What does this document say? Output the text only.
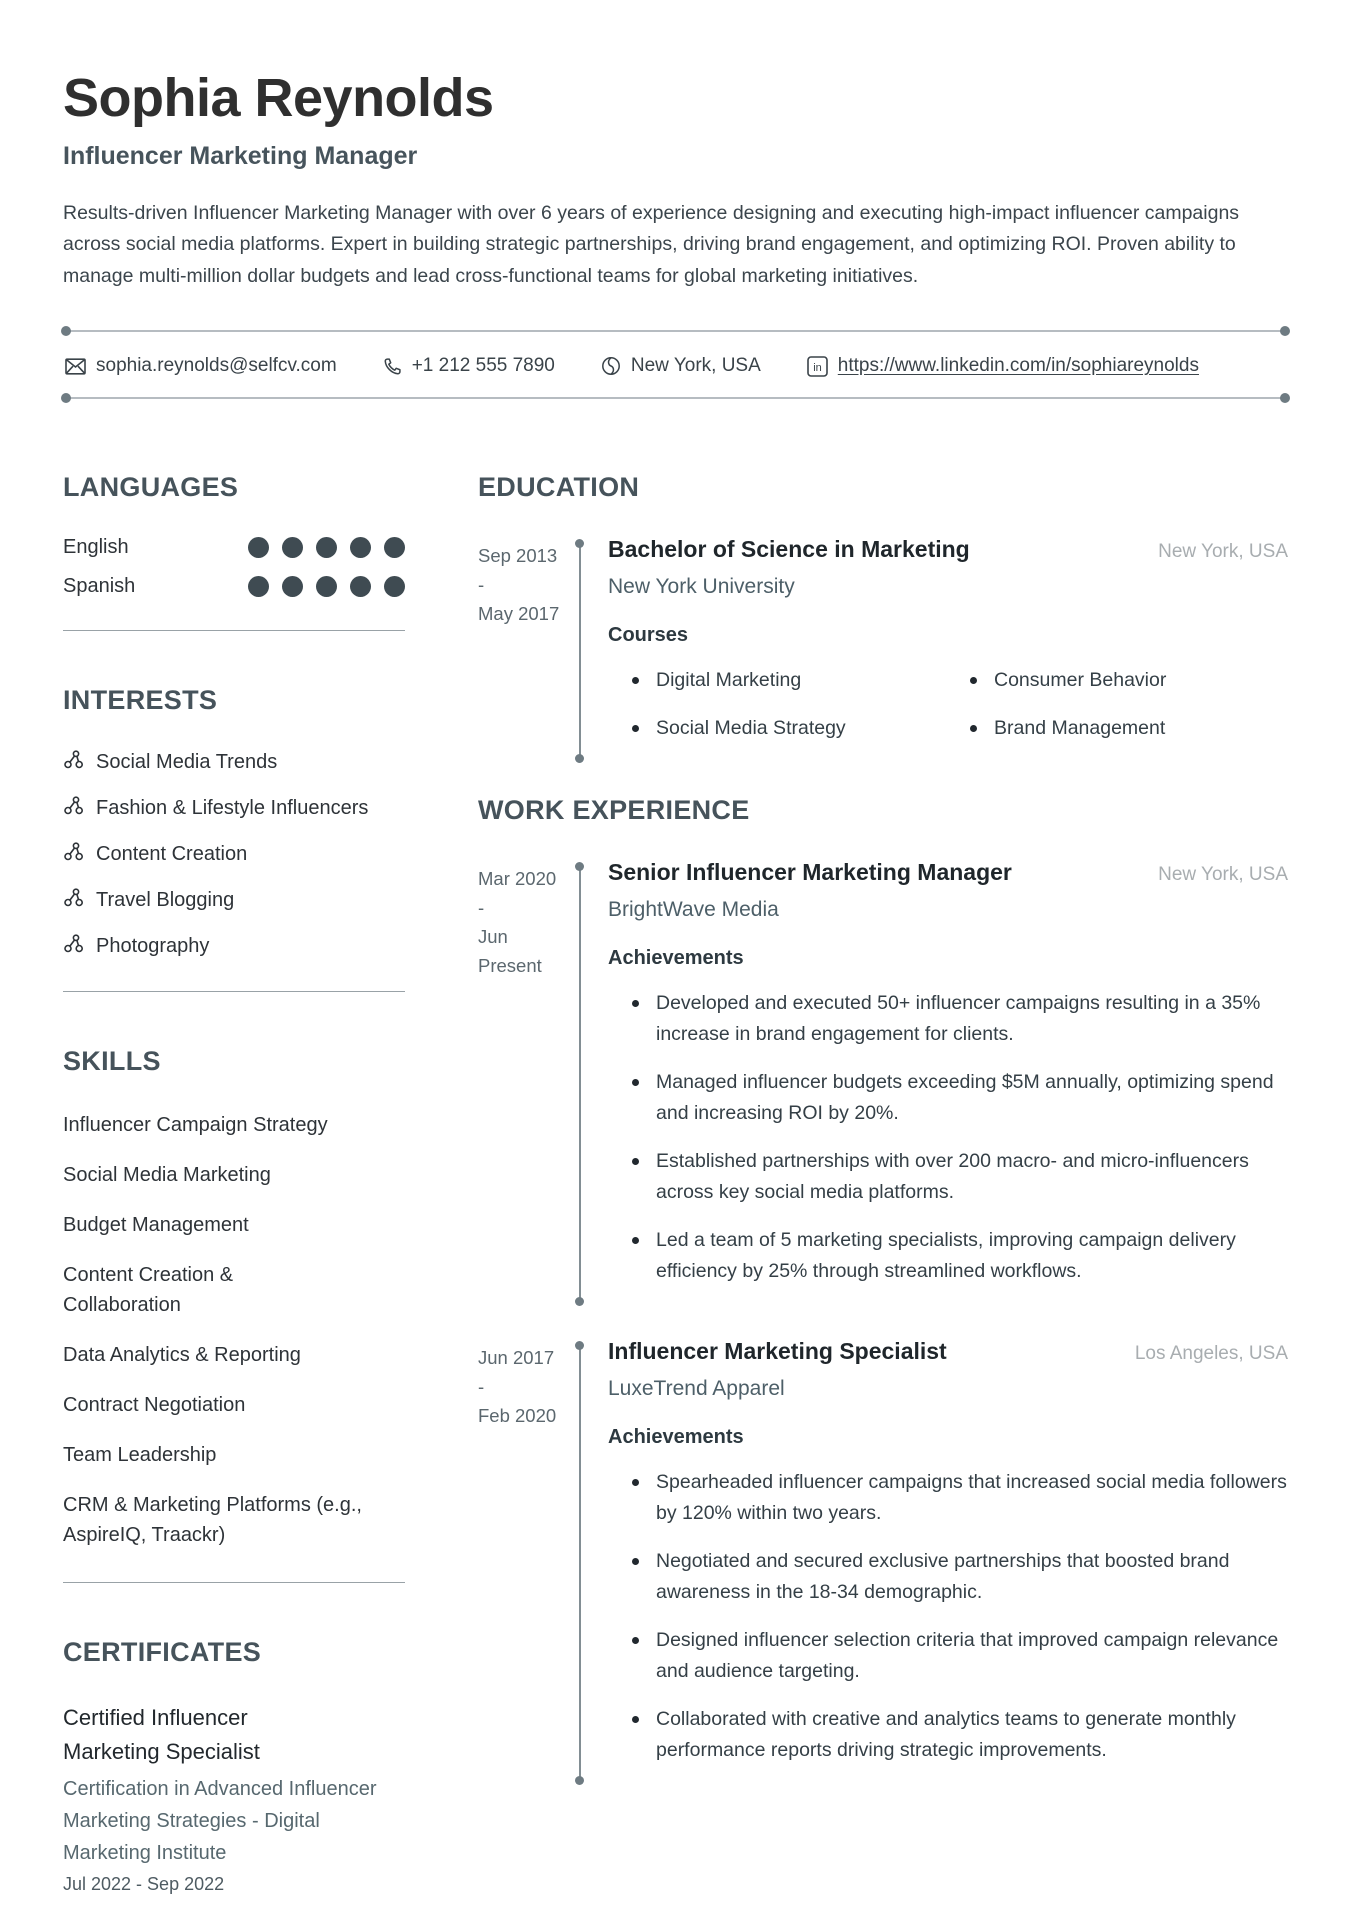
Sophia Reynolds
Influencer Marketing Manager

Results-driven Influencer Marketing Manager with over 6 years of experience designing and executing high-impact influencer campaigns across social media platforms. Expert in building strategic partnerships, driving brand engagement, and optimizing ROI. Proven ability to manage multi-million dollar budgets and lead cross-functional teams for global marketing initiatives.

sophia.reynolds@selfcv.com	+1 212 555 7890	New York, USA	in https://www.linkedin.com/in/sophiareynolds
LANGUAGES
English
Spanish
INTERESTS
Social Media Trends
Fashion & Lifestyle Influencers
Content Creation
Travel Blogging
Photography
SKILLS
Influencer Campaign Strategy
Social Media Marketing
Budget Management
Content Creation & Collaboration
Data Analytics & Reporting
Contract Negotiation
Team Leadership
CRM & Marketing Platforms (e.g., AspireIQ, Traackr)
CERTIFICATES
Certified Influencer Marketing Specialist
Certification in Advanced Influencer Marketing Strategies - Digital Marketing Institute
Jul 2022 - Sep 2022
EDUCATION
Sep 2013
-
May 2017
Bachelor of Science in Marketing	New York, USA
New York University
Courses
Digital Marketing	Consumer Behavior
Social Media Strategy	Brand Management
WORK EXPERIENCE
Mar 2020
-
Jun
Present
Senior Influencer Marketing Manager	New York, USA
BrightWave Media
Achievements
Developed and executed 50+ influencer campaigns resulting in a 35% increase in brand engagement for clients.
Managed influencer budgets exceeding $5M annually, optimizing spend and increasing ROI by 20%.
Established partnerships with over 200 macro- and micro-influencers across key social media platforms.
Led a team of 5 marketing specialists, improving campaign delivery efficiency by 25% through streamlined workflows.
Jun 2017
-
Feb 2020
Influencer Marketing Specialist	Los Angeles, USA
LuxeTrend Apparel
Achievements
Spearheaded influencer campaigns that increased social media followers by 120% within two years.
Negotiated and secured exclusive partnerships that boosted brand awareness in the 18-34 demographic.
Designed influencer selection criteria that improved campaign relevance and audience targeting.
Collaborated with creative and analytics teams to generate monthly performance reports driving strategic improvements.
